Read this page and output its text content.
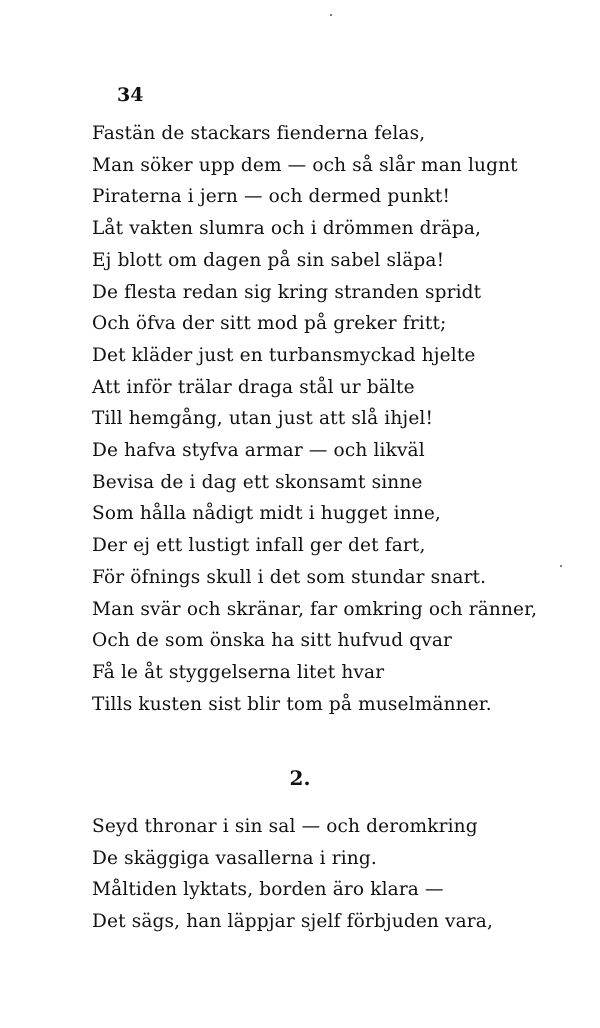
34
Fastän de stackars fienderna felas,
Man söker upp dem — och så slår man lugnt
Piraterna i jern — och dermed punkt!
Låt vakten slumra och i drömmen dräpa,
Ej blott om dagen på sin sabel släpa!
De flesta redan sig kring stranden spridt
Och öfva der sitt mod på greker fritt;
Det kläder just en turbansmyckad hjelte
Att inför trälar draga stål ur bälte
Till hemgång, utan just att slå ihjel!
De hafva styfva armar — och likväl
Bevisa de i dag ett skonsamt sinne
Som hålla nådigt midt i hugget inne,
Der ej ett lustigt infall ger det fart,
För öfnings skull i det som stundar snart.
Man svär och skränar, far omkring och ränner,
Och de som önska ha sitt hufvud qvar
Få le åt styggelserna litet hvar
Tills kusten sist blir tom på muselmänner.
2.
Seyd thronar i sin sal — och deromkring
De skäggiga vasallerna i ring.
Måltiden lyktats, borden äro klara —
Det sägs, han läppjar sjelf förbjuden vara,
